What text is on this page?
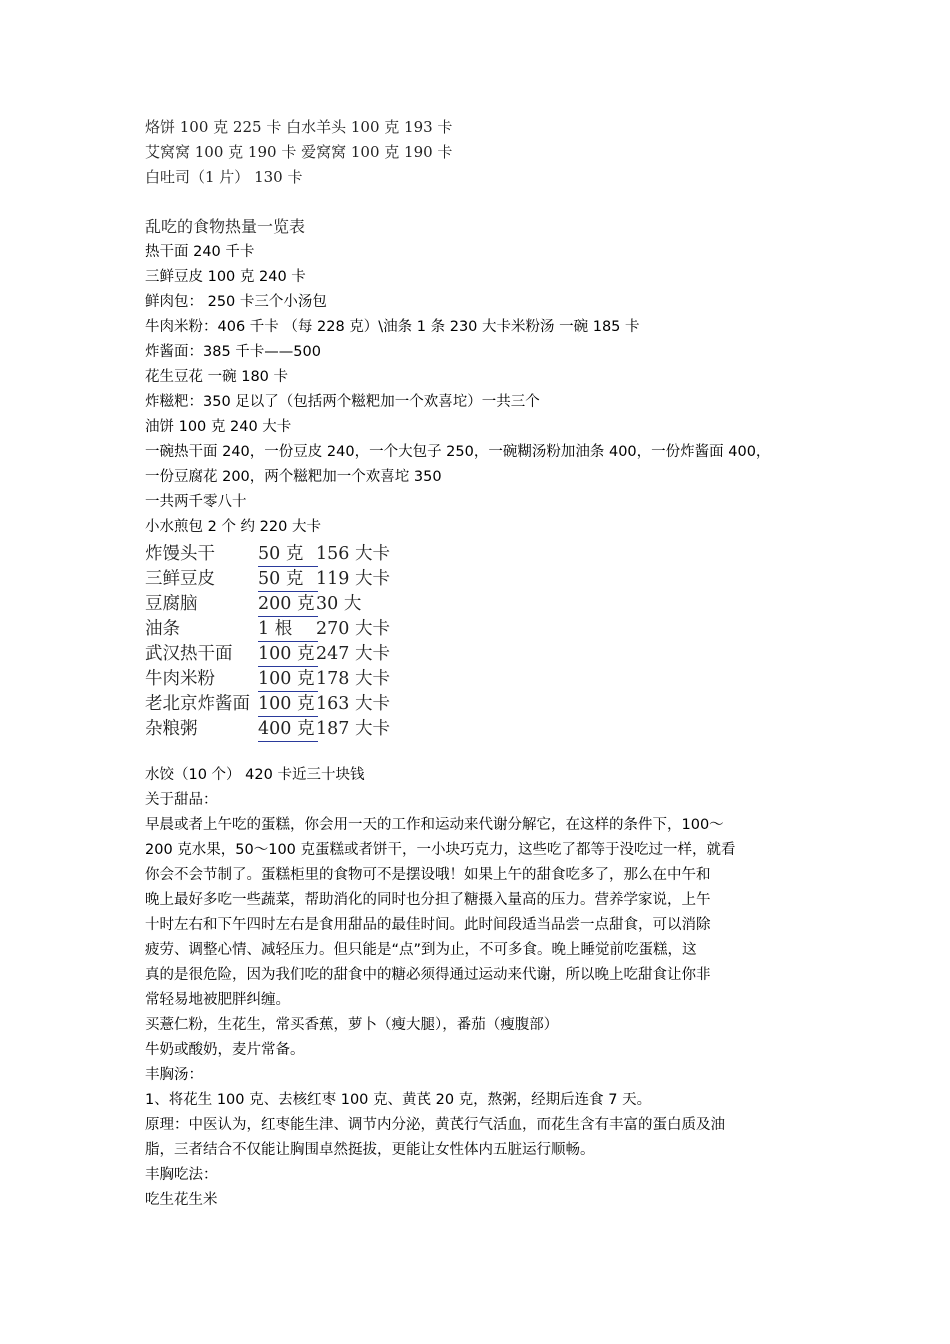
烙饼 100 克 225 卡 白水羊头 100 克 193 卡
艾窝窝 100 克 190 卡 爱窝窝 100 克 190 卡
白吐司（1 片） 130 卡
乱吃的食物热量一览表
热干面 240 千卡
三鲜豆皮 100 克 240 卡
鲜肉包： 250 卡三个小汤包
牛肉米粉：406 千卡 （每 228 克）\油条 1 条 230 大卡米粉汤 一碗 185 卡
炸酱面：385 千卡——500
花生豆花 一碗 180 卡
炸糍粑：350 足以了（包括两个糍粑加一个欢喜坨）一共三个
油饼 100 克 240 大卡
一碗热干面 240，一份豆皮 240，一个大包子 250，一碗糊汤粉加油条 400，一份炸酱面 400，
一份豆腐花 200，两个糍粑加一个欢喜坨 350
一共两千零八十
小水煎包 2 个 约 220 大卡
炸馒头干 50 克 156 大卡
三鲜豆皮 50 克 119 大卡
豆腐脑	200 克 30 大
油条	1 根	270 大卡
武汉热干面 100 克 247 大卡
牛肉米粉 100 克 178 大卡
老北京炸酱面 100 克 163 大卡
杂粮粥	400 克 187 大卡
水饺（10 个） 420 卡近三十块钱
关于甜品：
早晨或者上午吃的蛋糕，你会用一天的工作和运动来代谢分解它，在这样的条件下，100～
200 克水果，50～100 克蛋糕或者饼干，一小块巧克力，这些吃了都等于没吃过一样，就看
你会不会节制了。蛋糕柜里的食物可不是摆设哦！如果上午的甜食吃多了，那么在中午和
晚上最好多吃一些蔬菜，帮助消化的同时也分担了糖摄入量高的压力。营养学家说，上午
十时左右和下午四时左右是食用甜品的最佳时间。此时间段适当品尝一点甜食，可以消除
疲劳、调整心情、减轻压力。但只能是“点”到为止，不可多食。晚上睡觉前吃蛋糕，这
真的是很危险，因为我们吃的甜食中的糖必须得通过运动来代谢，所以晚上吃甜食让你非
常轻易地被肥胖纠缠。
买薏仁粉，生花生，常买香蕉，萝卜（瘦大腿），番茄（瘦腹部）
牛奶或酸奶，麦片常备。
丰胸汤：
1、将花生 100 克、去核红枣 100 克、黄芪 20 克，熬粥，经期后连食 7 天。
原理：中医认为，红枣能生津、调节内分泌，黄芪行气活血，而花生含有丰富的蛋白质及油
脂，三者结合不仅能让胸围卓然挺拔，更能让女性体内五脏运行顺畅。
丰胸吃法：
吃生花生米
